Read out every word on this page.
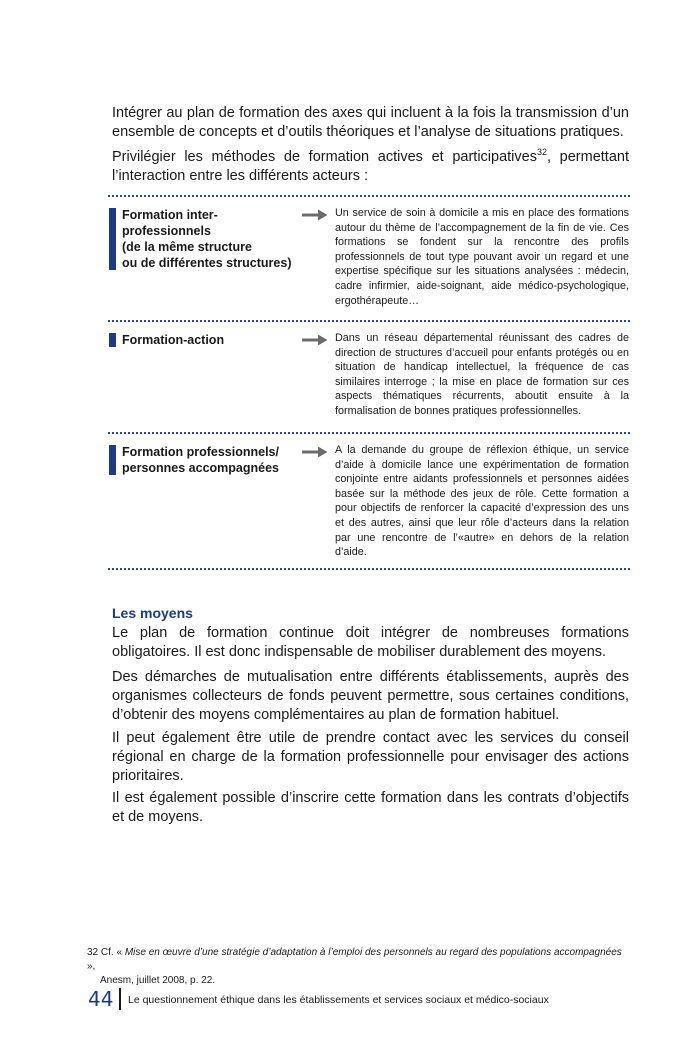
Intégrer au plan de formation des axes qui incluent à la fois la transmission d’un ensemble de concepts et d’outils théoriques et l’analyse de situations pratiques.

Privilégier les méthodes de formation actives et participatives$^{32}$, permettant l’interaction entre les différents acteurs :

Formation inter-
professionnels
(de la même structure
ou de différentes structures)
Un service de soin à domicile a mis en place des formations autour du thème de l’accompagnement de la fin de vie. Ces formations se fondent sur la rencontre des profils professionnels de tout type pouvant avoir un regard et une expertise spécifique sur les situations analysées : médecin, cadre infirmier, aide-soignant, aide médico-psychologique, ergothérapeute…
Formation-action	Dans un réseau départemental réunissant des cadres de direction de structures d’accueil pour enfants protégés ou en situation de handicap intellectuel, la fréquence de cas similaires interroge ; la mise en place de formation sur ces aspects thématiques récurrents, aboutit ensuite à la formalisation de bonnes pratiques professionnelles.
Formation professionnels/
personnes accompagnées
A la demande du groupe de réflexion éthique, un service d’aide à domicile lance une expérimentation de formation conjointe entre aidants professionnels et personnes aidées basée sur la méthode des jeux de rôle. Cette formation a pour objectifs de renforcer la capacité d’expression des uns et des autres, ainsi que leur rôle d’acteurs dans la relation par une rencontre de l’«autre» en dehors de la relation d’aide.
Les moyens

Le plan de formation continue doit intégrer de nombreuses formations obligatoires. Il est donc indispensable de mobiliser durablement des moyens.

Des démarches de mutualisation entre différents établissements, auprès des organismes collecteurs de fonds peuvent permettre, sous certaines conditions, d’obtenir des moyens complémentaires au plan de formation habituel.

Il peut également être utile de prendre contact avec les services du conseil régional en charge de la formation professionnelle pour envisager des actions prioritaires.

Il est également possible d’inscrire cette formation dans les contrats d’objectifs et de moyens.

32 Cf. « Mise en œuvre d’une stratégie d’adaptation à l’emploi des personnels au regard des populations accompagnées »,
Anesm, juillet 2008, p. 22.
44 Le questionnement éthique dans les établissements et services sociaux et médico-sociaux
